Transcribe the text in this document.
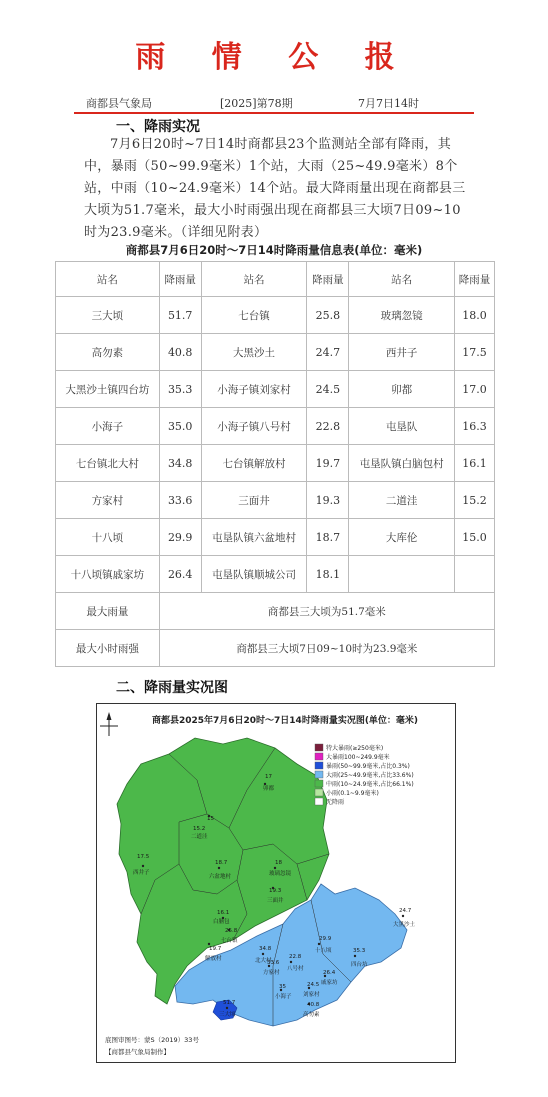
雨 情 公 报
商都县气象局	[2025]第78期	7月7日14时
一、降雨实况
7月6日20时~7日14时商都县23个监测站全部有降雨，其中，暴雨（50~99.9毫米）1个站，大雨（25~49.9毫米）8个站，中雨（10~24.9毫米）14个站。最大降雨量出现在商都县三大顷为51.7毫米，最大小时雨强出现在商都县三大顷7日09~10时为23.9毫米。（详细见附表）
商都县7月6日20时～7日14时降雨量信息表(单位：毫米)
站名	降雨量	站名	降雨量	站名	降雨量
三大顷	51.7	七台镇	25.8	玻璃忽镜	18.0
高勿素	40.8	大黑沙土	24.7	西井子	17.5
大黑沙土镇四台坊	35.3	小海子镇刘家村	24.5	卯都	17.0
小海子	35.0	小海子镇八号村	22.8	屯垦队	16.3
七台镇北大村	34.8	七台镇解放村	19.7	屯垦队镇白脑包村	16.1
方家村	33.6	三面井	19.3	二道洼	15.2
十八顷	29.9	屯垦队镇六盆地村	18.7	大库伦	15.0
十八顷镇戚家坊	26.4	屯垦队镇顺城公司	18.1		
最大雨量	商都县三大顷为51.7毫米				
最大小时雨强	商都县三大顷7日09~10时为23.9毫米				
二、降雨量实况图
商都县2025年7月6日20时～7日14时降雨量实况图(单位：毫米)
17
卯都
15
二道洼
15.2
17.5
西井子
18.7
六盆地村
18
玻璃忽镜
19.3
三面井
16.1
白脑包
25.8
七台镇
19.7
解放村
24.7
大黑沙土
29.9
十八顷	35.3
四台坊
34.8
北大村
33.6
方家村
22.8
八号村
26.4
戚家坊
24.5
刘家村
35
小海子
40.8
高勿素
51.7
三大顷
特大暴雨(≥250毫米)
大暴雨100~249.9毫米
暴雨(50~99.9毫米,占比0.3%)
大雨(25~49.9毫米,占比33.6%)
中雨(10~24.9毫米,占比66.1%)
小雨(0.1~9.9毫米)
无降雨
底图审图号：蒙S（2019）33号
【商都县气象局制作】
